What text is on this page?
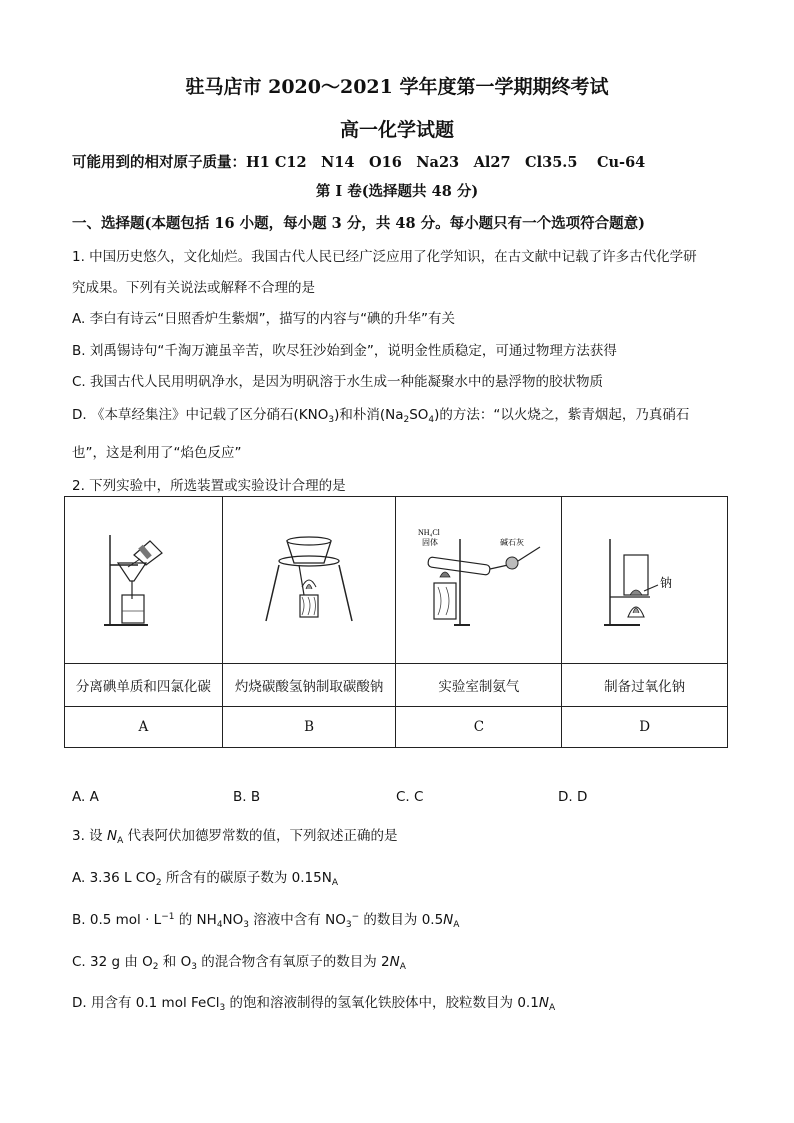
驻马店市 2020～2021 学年度第一学期期终考试
高一化学试题
可能用到的相对原子质量：H1 C12　N14　O16　Na23　Al27　Cl35.5　 Cu-64
第 I 卷(选择题共 48 分)
一、选择题(本题包括 16 小题，每小题 3 分，共 48 分。每小题只有一个选项符合题意)
1. 中国历史悠久，文化灿烂。我国古代人民已经广泛应用了化学知识，在古文献中记载了许多古代化学研
究成果。下列有关说法或解释不合理的是
A. 李白有诗云“日照香炉生紫烟”，描写的内容与“碘的升华”有关
B. 刘禹锡诗句“千淘万漉虽辛苦，吹尽狂沙始到金”，说明金性质稳定，可通过物理方法获得
C. 我国古代人民用明矾净水，是因为明矾溶于水生成一种能凝聚水中的悬浮物的胶状物质
D. 《本草经集注》中记载了区分硝石$(KNO_3)$和朴消$(Na_2SO_4)$的方法：“以火烧之，紫青烟起，乃真硝石
也”，这是利用了“焰色反应”
2. 下列实验中，所选装置或实验设计合理的是

NH₄Cl
固体 碱石灰	钠

分离碘单质和四氯化碳	灼烧碳酸氢钠制取碳酸钠	实验室制氨气	制备过氧化钠
A	B	C	D
A. A	B. B	C. C	D. D
3. 设 $N_A$ 代表阿伏加德罗常数的值，下列叙述正确的是
A. 3.36 L $CO_2$ 所含有的碳原子数为 $0.15N_A$
B. 0.5 mol · $L^{-1}$ 的 $NH_4NO_3$ 溶液中含有 $NO_3^-$ 的数目为 $0.5N_A$
C. 32 g 由 $O_2$ 和 $O_3$ 的混合物含有氧原子的数目为 $2N_A$
D. 用含有 0.1 mol FeCl$_3$ 的饱和溶液制得的氢氧化铁胶体中，胶粒数目为 $0.1N_A$
